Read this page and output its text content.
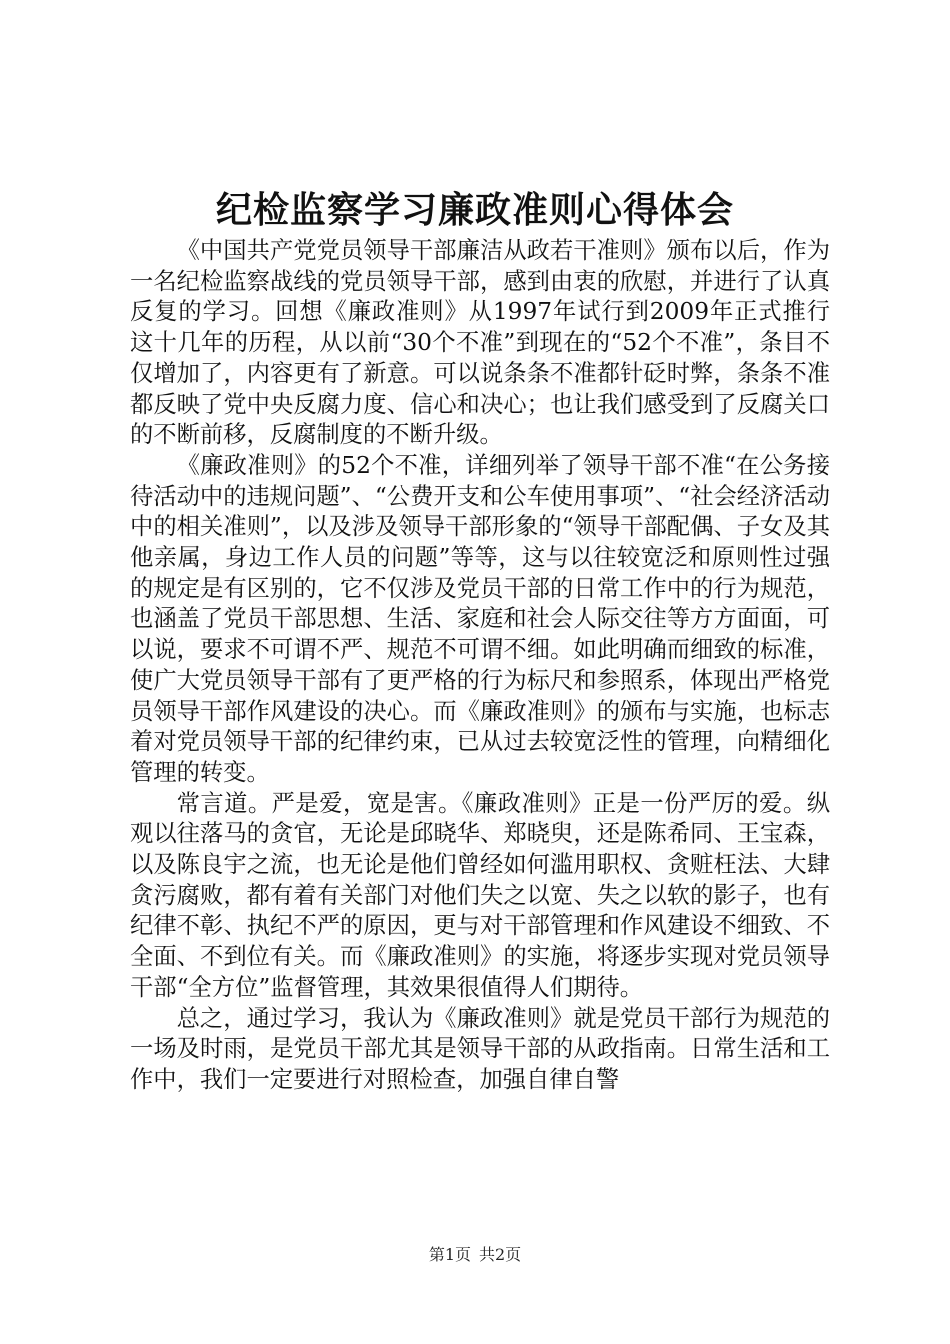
纪检监察学习廉政准则心得体会

《中国共产党党员领导干部廉洁从政若干准则》颁布以后，作为一名纪检监察战线的党员领导干部，感到由衷的欣慰，并进行了认真反复的学习。回想《廉政准则》从1997年试行到2009年正式推行这十几年的历程，从以前“30个不准”到现在的“52个不准”，条目不仅增加了，内容更有了新意。可以说条条不准都针砭时弊，条条不准都反映了党中央反腐力度、信心和决心；也让我们感受到了反腐关口的不断前移，反腐制度的不断升级。

《廉政准则》的52个不准，详细列举了领导干部不准“在公务接待活动中的违规问题”、“公费开支和公车使用事项”、“社会经济活动中的相关准则”，以及涉及领导干部形象的“领导干部配偶、子女及其他亲属，身边工作人员的问题”等等，这与以往较宽泛和原则性过强的规定是有区别的，它不仅涉及党员干部的日常工作中的行为规范，也涵盖了党员干部思想、生活、家庭和社会人际交往等方方面面，可以说，要求不可谓不严、规范不可谓不细。如此明确而细致的标准，使广大党员领导干部有了更严格的行为标尺和参照系，体现出严格党员领导干部作风建设的决心。而《廉政准则》的颁布与实施，也标志着对党员领导干部的纪律约束，已从过去较宽泛性的管理，向精细化管理的转变。

常言道。严是爱，宽是害。《廉政准则》正是一份严厉的爱。纵观以往落马的贪官，无论是邱晓华、郑晓臾，还是陈希同、王宝森，以及陈良宇之流，也无论是他们曾经如何滥用职权、贪赃枉法、大肆贪污腐败，都有着有关部门对他们失之以宽、失之以软的影子，也有纪律不彰、执纪不严的原因，更与对干部管理和作风建设不细致、不全面、不到位有关。而《廉政准则》的实施，将逐步实现对党员领导干部“全方位”监督管理，其效果很值得人们期待。

总之，通过学习，我认为《廉政准则》就是党员干部行为规范的一场及时雨，是党员干部尤其是领导干部的从政指南。日常生活和工作中，我们一定要进行对照检查，加强自律自警

第1页 共2页
